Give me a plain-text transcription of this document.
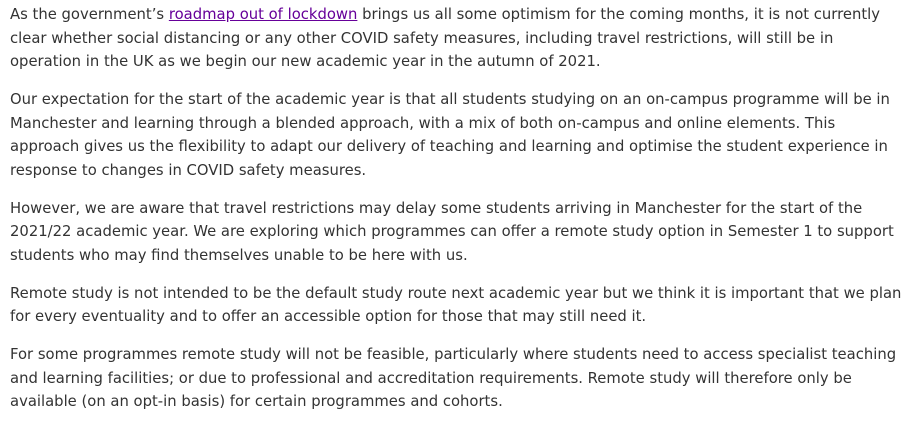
As the government’s roadmap out of lockdown brings us all some optimism for the coming months, it is not currently clear whether social distancing or any other COVID safety measures, including travel restrictions, will still be in operation in the UK as we begin our new academic year in the autumn of 2021.

Our expectation for the start of the academic year is that all students studying on an on-campus programme will be in Manchester and learning through a blended approach, with a mix of both on-campus and online elements. This approach gives us the flexibility to adapt our delivery of teaching and learning and optimise the student experience in response to changes in COVID safety measures.

However, we are aware that travel restrictions may delay some students arriving in Manchester for the start of the 2021/22 academic year. We are exploring which programmes can offer a remote study option in Semester 1 to support students who may find themselves unable to be here with us.

Remote study is not intended to be the default study route next academic year but we think it is important that we plan for every eventuality and to offer an accessible option for those that may still need it.

For some programmes remote study will not be feasible, particularly where students need to access specialist teaching and learning facilities; or due to professional and accreditation requirements. Remote study will therefore only be available (on an opt-in basis) for certain programmes and cohorts.
